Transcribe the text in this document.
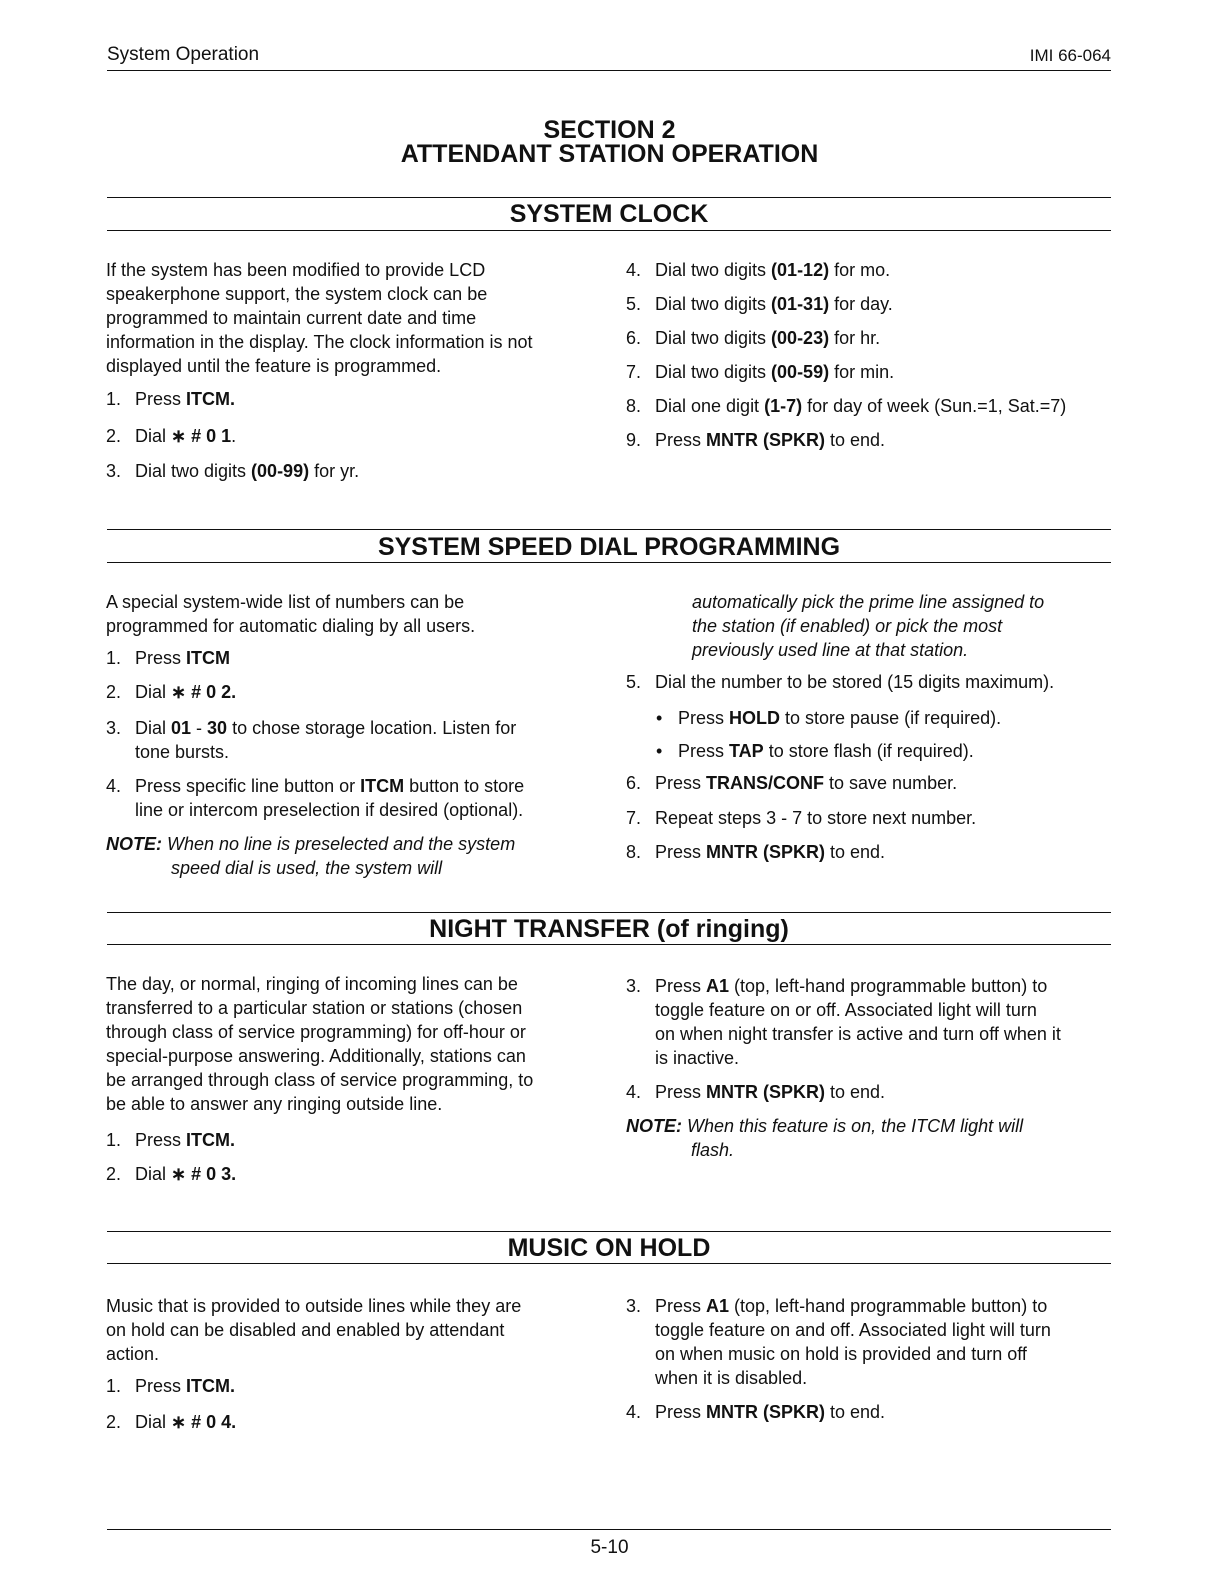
System Operation	IMI 66-064
SECTION 2
ATTENDANT STATION OPERATION
SYSTEM CLOCK
If the system has been modified to provide LCD
speakerphone support, the system clock can be
programmed to maintain current date and time
information in the display. The clock information is not
displayed until the feature is programmed.
1. Press ITCM.
2. Dial ∗ # 0 1.
3. Dial two digits (00-99) for yr.
4. Dial two digits (01-12) for mo.
5. Dial two digits (01-31) for day.
6. Dial two digits (00-23) for hr.
7. Dial two digits (00-59) for min.
8. Dial one digit (1-7) for day of week (Sun.=1, Sat.=7)
9. Press MNTR (SPKR) to end.
SYSTEM SPEED DIAL PROGRAMMING
A special system-wide list of numbers can be
programmed for automatic dialing by all users.
1. Press ITCM
2. Dial ∗ # 0 2.
3. Dial 01 - 30 to chose storage location. Listen for
tone bursts.
4. Press specific line button or ITCM button to store
line or intercom preselection if desired (optional).
NOTE: When no line is preselected and the system
speed dial is used, the system will
automatically pick the prime line assigned to
the station (if enabled) or pick the most
previously used line at that station.
5. Dial the number to be stored (15 digits maximum).
• Press HOLD to store pause (if required).
• Press TAP to store flash (if required).
6. Press TRANS/CONF to save number.
7. Repeat steps 3 - 7 to store next number.
8. Press MNTR (SPKR) to end.
NIGHT TRANSFER (of ringing)
The day, or normal, ringing of incoming lines can be
transferred to a particular station or stations (chosen
through class of service programming) for off-hour or
special-purpose answering. Additionally, stations can
be arranged through class of service programming, to
be able to answer any ringing outside line.
1. Press ITCM.
2. Dial ∗ # 0 3.
3. Press A1 (top, left-hand programmable button) to
toggle feature on or off. Associated light will turn
on when night transfer is active and turn off when it
is inactive.
4. Press MNTR (SPKR) to end.
NOTE: When this feature is on, the ITCM light will
flash.
MUSIC ON HOLD
Music that is provided to outside lines while they are
on hold can be disabled and enabled by attendant
action.
1. Press ITCM.
2. Dial ∗ # 0 4.
3. Press A1 (top, left-hand programmable button) to
toggle feature on and off. Associated light will turn
on when music on hold is provided and turn off
when it is disabled.
4. Press MNTR (SPKR) to end.
5-10
